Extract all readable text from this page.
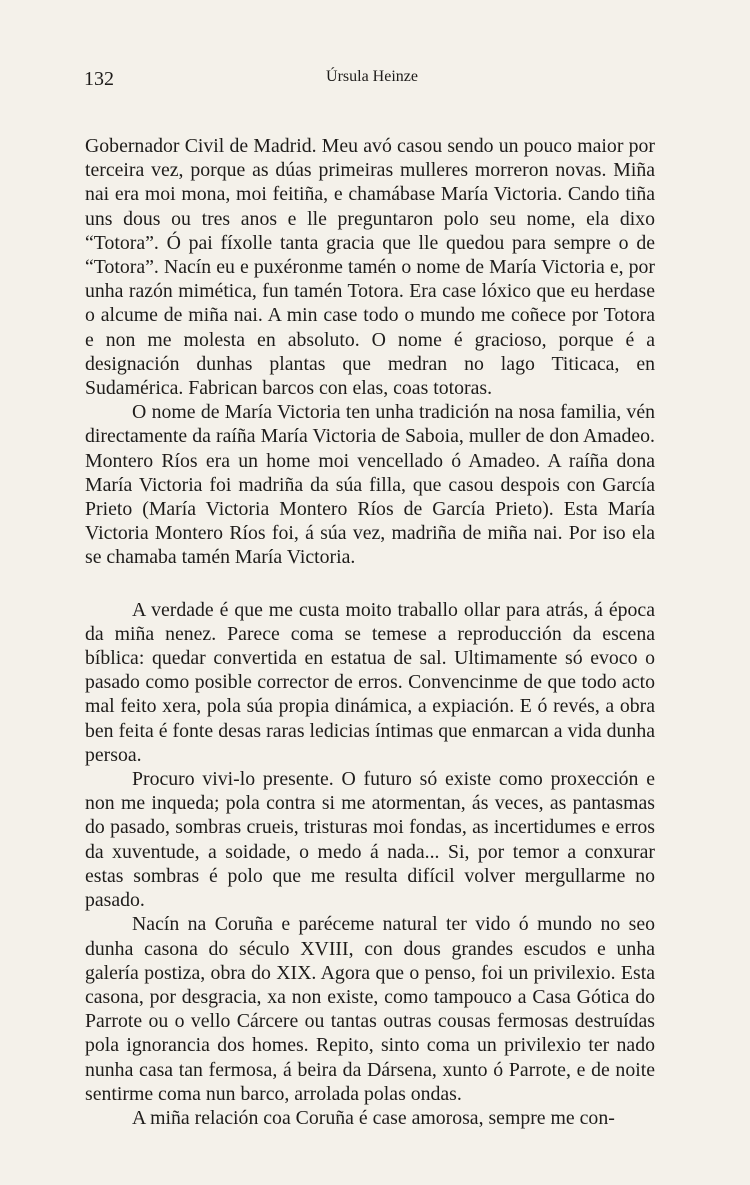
132	Úrsula Heinze

Gobernador Civil de Madrid. Meu avó casou sendo un pouco maior por terceira vez, porque as dúas primeiras mulleres morreron novas. Miña nai era moi mona, moi feitiña, e chamábase María Victoria. Cando tiña uns dous ou tres anos e lle preguntaron polo seu nome, ela dixo “Totora”. Ó pai fíxolle tanta gracia que lle quedou para sempre o de “Totora”. Nacín eu e puxéronme tamén o nome de María Victoria e, por unha razón mimética, fun tamén Totora. Era case lóxico que eu herdase o alcume de miña nai. A min case todo o mundo me coñece por Totora e non me molesta en absoluto. O nome é gracioso, porque é a designación dunhas plantas que medran no lago Titicaca, en Sudamérica. Fabrican barcos con elas, coas totoras.

O nome de María Victoria ten unha tradición na nosa familia, vén directamente da raíña María Victoria de Saboia, muller de don Amadeo. Montero Ríos era un home moi vencellado ó Amadeo. A raíña dona María Victoria foi madriña da súa filla, que casou despois con García Prieto (María Victoria Montero Ríos de García Prieto). Esta María Victoria Montero Ríos foi, á súa vez, madriña de miña nai. Por iso ela se chamaba tamén María Victoria.

A verdade é que me custa moito traballo ollar para atrás, á época da miña nenez. Parece coma se temese a reproducción da escena bíblica: quedar convertida en estatua de sal. Ultimamente só evoco o pasado como posible corrector de erros. Convencinme de que todo acto mal feito xera, pola súa propia dinámica, a expiación. E ó revés, a obra ben feita é fonte desas raras ledicias íntimas que enmarcan a vida dunha persoa.

Procuro vivi-lo presente. O futuro só existe como proxección e non me inqueda; pola contra si me atormentan, ás veces, as pantasmas do pasado, sombras crueis, tristuras moi fondas, as incertidumes e erros da xuventude, a soidade, o medo á nada... Si, por temor a conxurar estas sombras é polo que me resulta difícil volver mergullarme no pasado.

Nacín na Coruña e paréceme natural ter vido ó mundo no seo dunha casona do século XVIII, con dous grandes escudos e unha galería postiza, obra do XIX. Agora que o penso, foi un privilexio. Esta casona, por desgracia, xa non existe, como tampouco a Casa Gótica do Parrote ou o vello Cárcere ou tantas outras cousas fermosas destruídas pola ignorancia dos homes. Repito, sinto coma un privilexio ter nado nunha casa tan fermosa, á beira da Dársena, xunto ó Parrote, e de noite sentirme coma nun barco, arrolada polas ondas.

A miña relación coa Coruña é case amorosa, sempre me con-
